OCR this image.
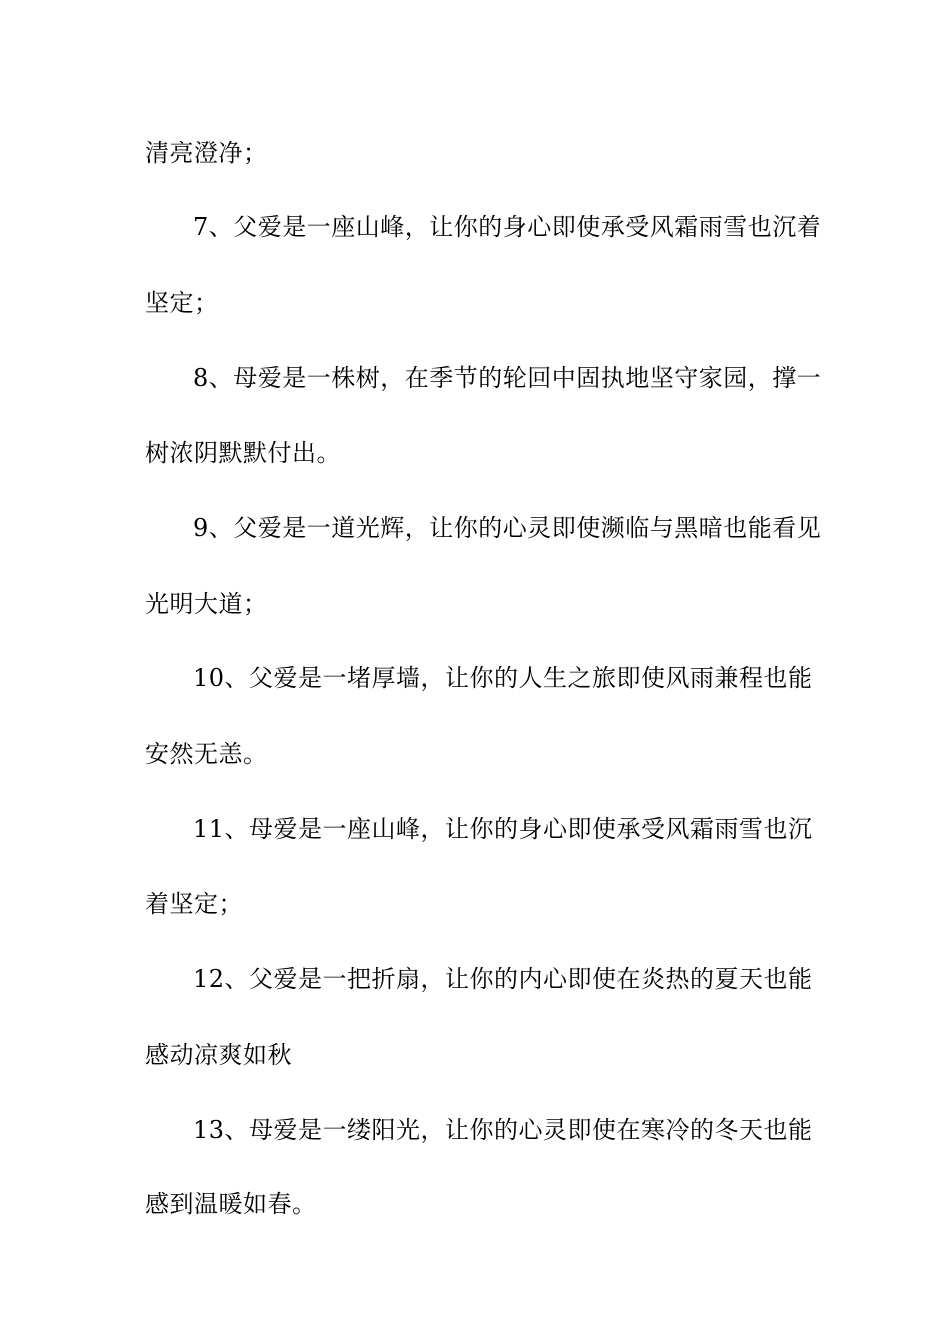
清亮澄净；
7、父爱是一座山峰，让你的身心即使承受风霜雨雪也沉着
坚定；
8、母爱是一株树，在季节的轮回中固执地坚守家园，撑一
树浓阴默默付出。
9、父爱是一道光辉，让你的心灵即使濒临与黑暗也能看见
光明大道；
10、父爱是一堵厚墙，让你的人生之旅即使风雨兼程也能
安然无恙。
11、母爱是一座山峰，让你的身心即使承受风霜雨雪也沉
着坚定；
12、父爱是一把折扇，让你的内心即使在炎热的夏天也能
感动凉爽如秋
13、母爱是一缕阳光，让你的心灵即使在寒冷的冬天也能
感到温暖如春。
